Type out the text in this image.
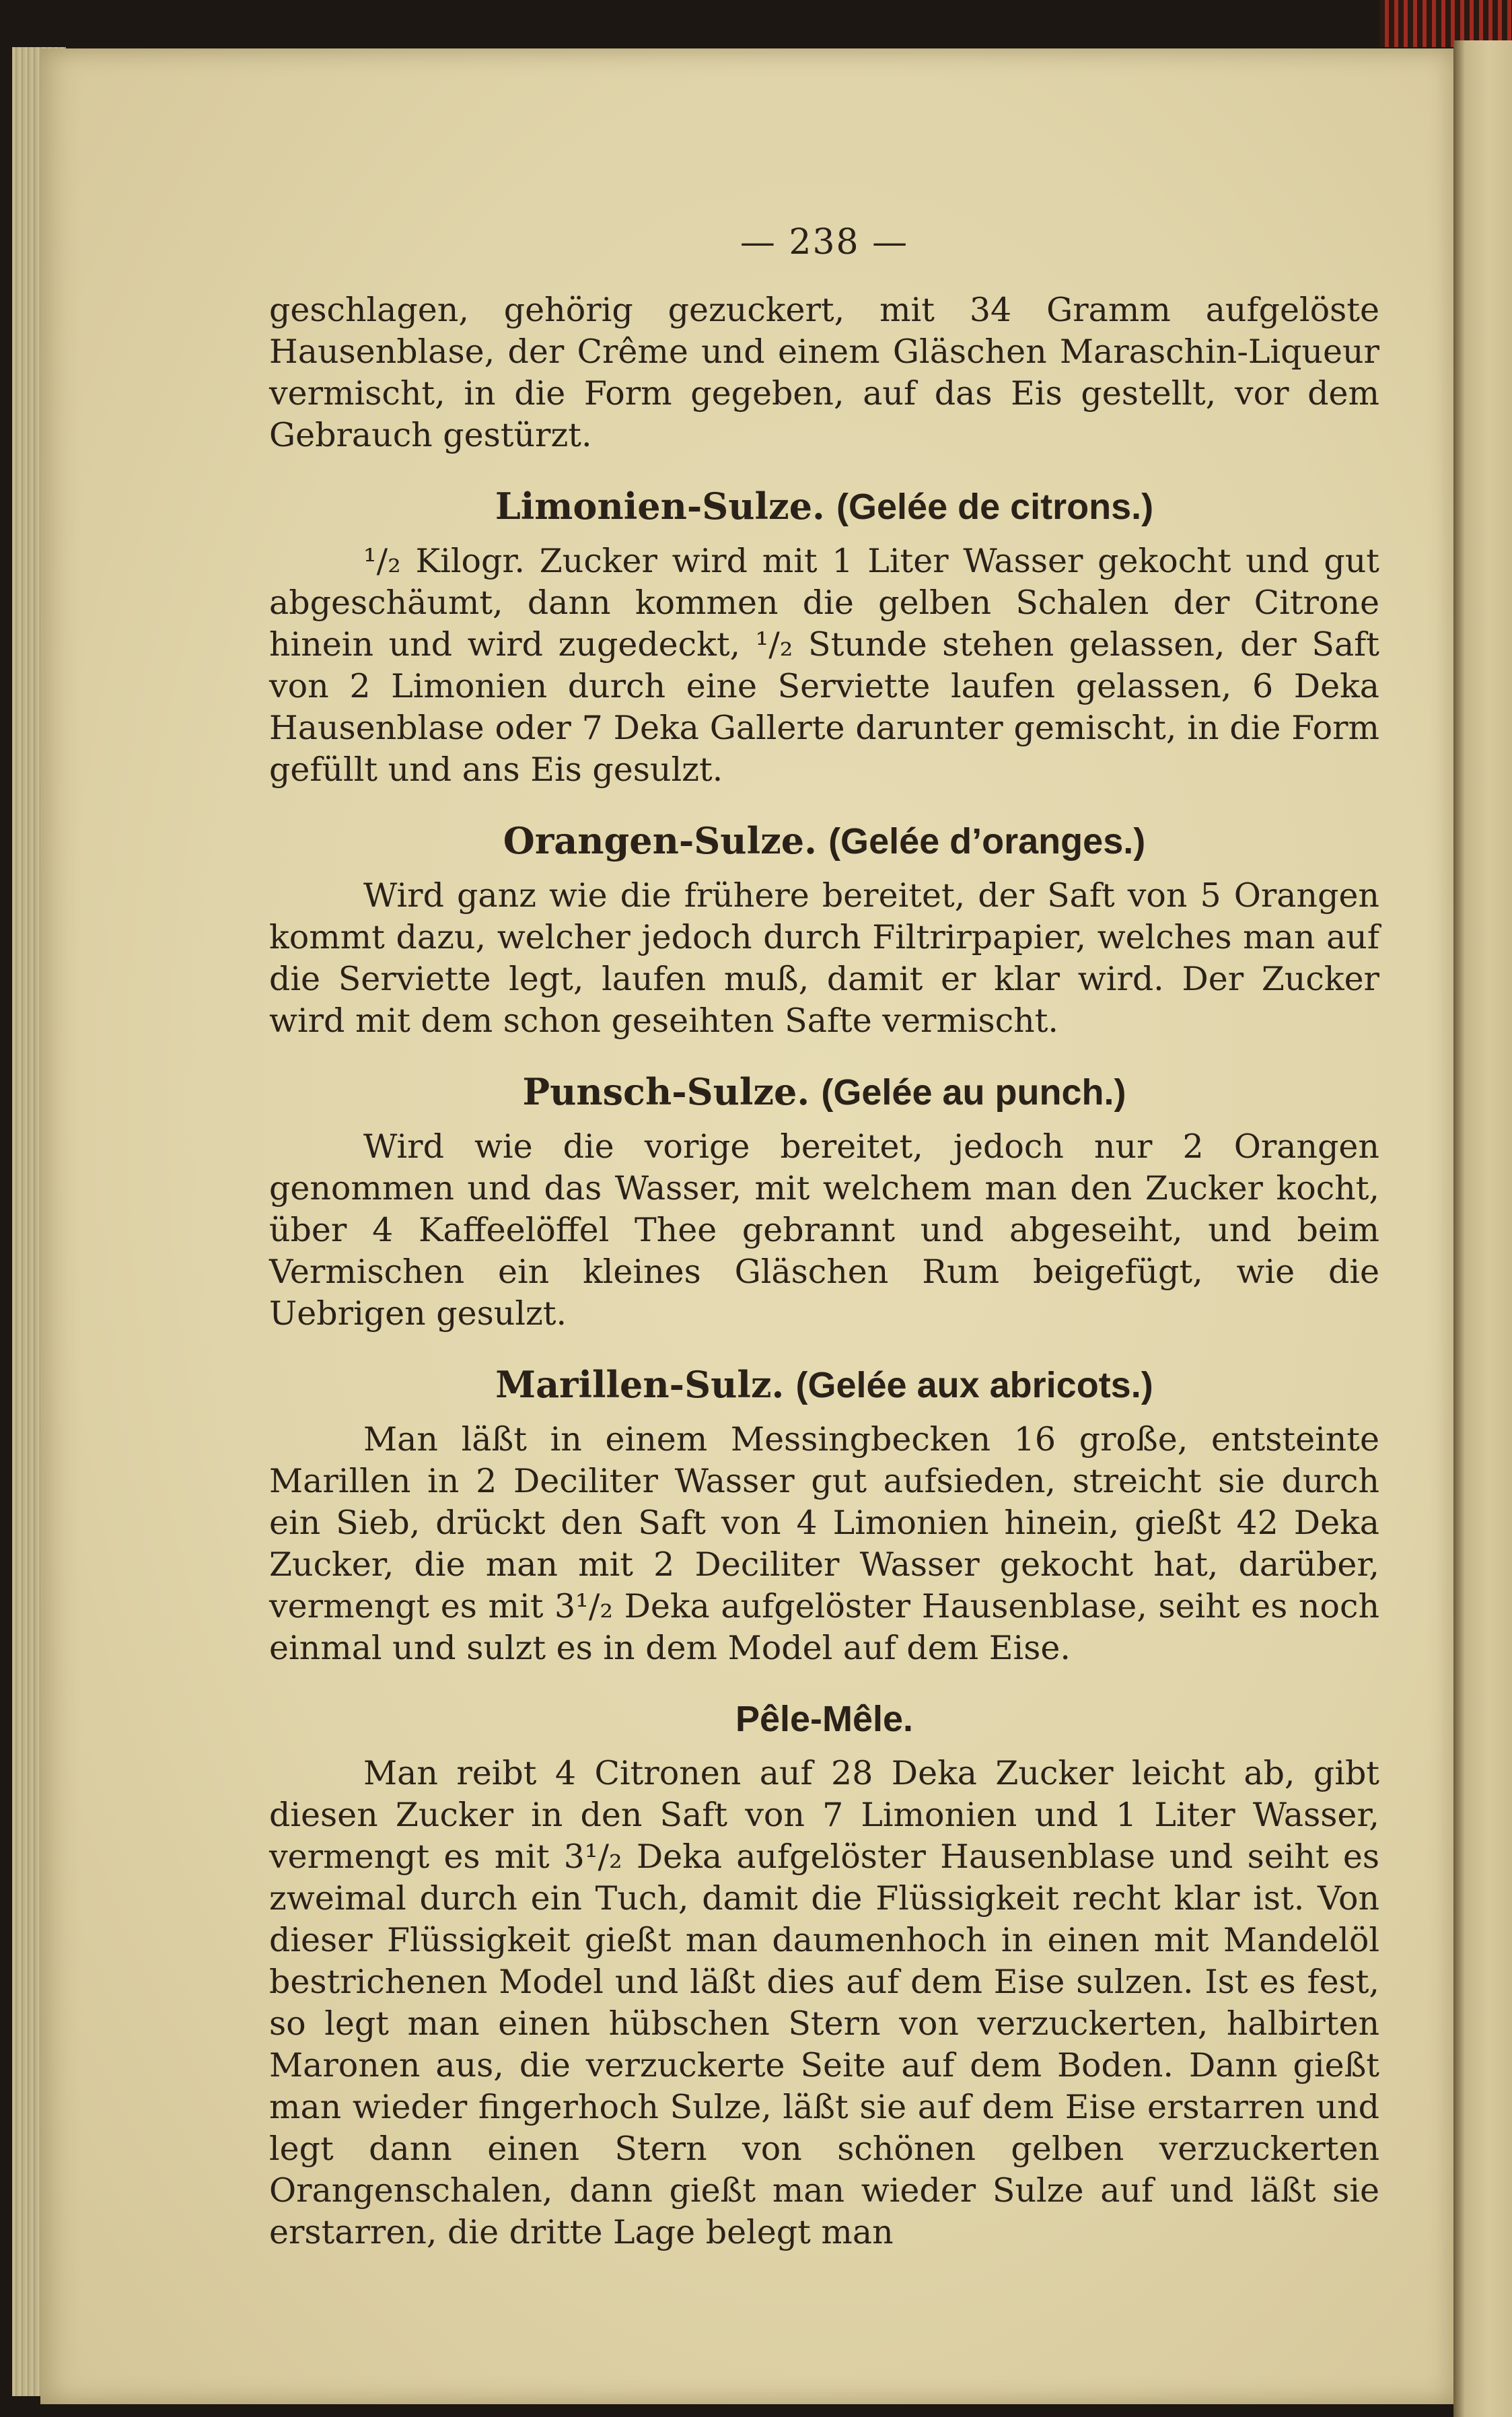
— 238 —

geschlagen, gehörig gezuckert, mit 34 Gramm aufgelöste Hausenblase, der Crême und einem Gläschen Maraschin-Liqueur vermischt, in die Form gegeben, auf das Eis gestellt, vor dem Gebrauch gestürzt.

Limonien-Sulze. (Gelée de citrons.)

¹/₂ Kilogr. Zucker wird mit 1 Liter Wasser gekocht und gut abgeschäumt, dann kommen die gelben Schalen der Citrone hinein und wird zugedeckt, ¹/₂ Stunde stehen gelassen, der Saft von 2 Limonien durch eine Serviette laufen gelassen, 6 Deka Hausenblase oder 7 Deka Gallerte darunter gemischt, in die Form gefüllt und ans Eis gesulzt.

Orangen-Sulze. (Gelée d’oranges.)

Wird ganz wie die frühere bereitet, der Saft von 5 Orangen kommt dazu, welcher jedoch durch Filtrirpapier, welches man auf die Serviette legt, laufen muß, damit er klar wird. Der Zucker wird mit dem schon geseihten Safte vermischt.

Punsch-Sulze. (Gelée au punch.)

Wird wie die vorige bereitet, jedoch nur 2 Orangen genommen und das Wasser, mit welchem man den Zucker kocht, über 4 Kaffeelöffel Thee gebrannt und abgeseiht, und beim Vermischen ein kleines Gläschen Rum beigefügt, wie die Uebrigen gesulzt.

Marillen-Sulz. (Gelée aux abricots.)

Man läßt in einem Messingbecken 16 große, entsteinte Marillen in 2 Deciliter Wasser gut aufsieden, streicht sie durch ein Sieb, drückt den Saft von 4 Limonien hinein, gießt 42 Deka Zucker, die man mit 2 Deciliter Wasser gekocht hat, darüber, vermengt es mit 3¹/₂ Deka aufgelöster Hausenblase, seiht es noch einmal und sulzt es in dem Model auf dem Eise.

Pêle-Mêle.

Man reibt 4 Citronen auf 28 Deka Zucker leicht ab, gibt diesen Zucker in den Saft von 7 Limonien und 1 Liter Wasser, vermengt es mit 3¹/₂ Deka aufgelöster Hausenblase und seiht es zweimal durch ein Tuch, damit die Flüssigkeit recht klar ist. Von dieser Flüssigkeit gießt man daumenhoch in einen mit Mandelöl bestrichenen Model und läßt dies auf dem Eise sulzen. Ist es fest, so legt man einen hübschen Stern von verzuckerten, halbirten Maronen aus, die verzuckerte Seite auf dem Boden. Dann gießt man wieder fingerhoch Sulze, läßt sie auf dem Eise erstarren und legt dann einen Stern von schönen gelben verzuckerten Orangenschalen, dann gießt man wieder Sulze auf und läßt sie erstarren, die dritte Lage belegt man
